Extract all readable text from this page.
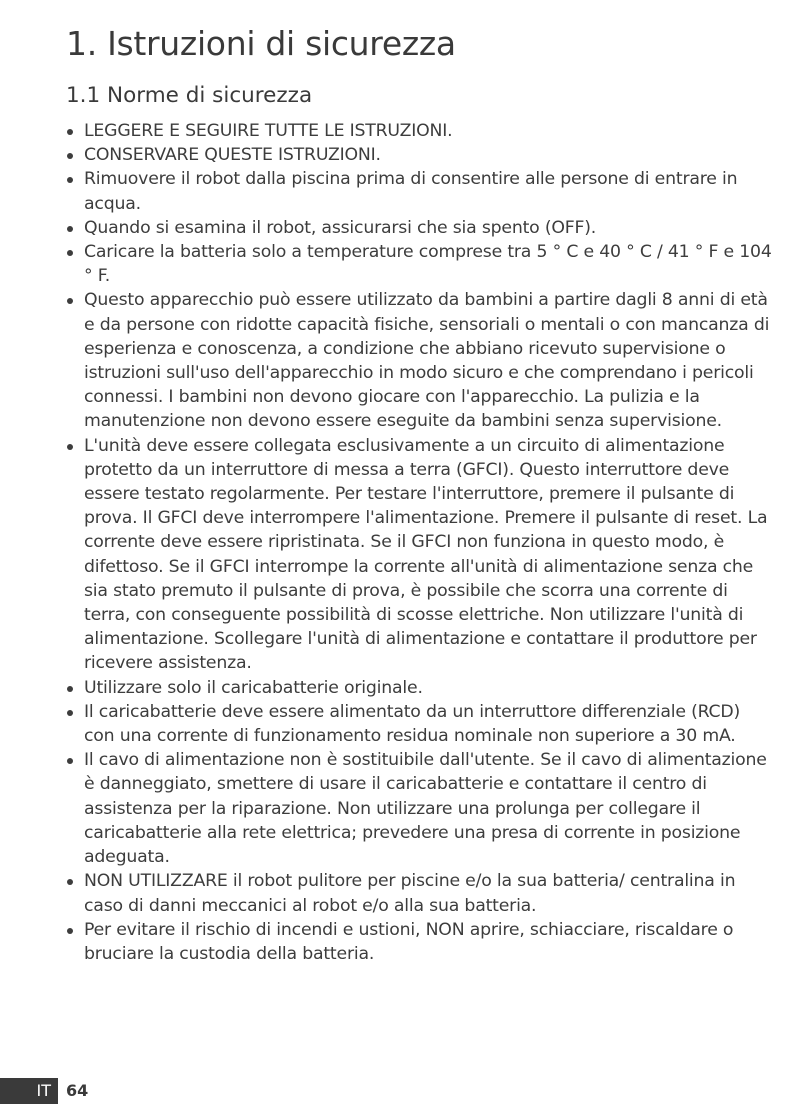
1. Istruzioni di sicurezza
1.1 Norme di sicurezza
LEGGERE E SEGUIRE TUTTE LE ISTRUZIONI.
CONSERVARE QUESTE ISTRUZIONI.
Rimuovere il robot dalla piscina prima di consentire alle persone di entrare in acqua.
Quando si esamina il robot, assicurarsi che sia spento (OFF).
Caricare la batteria solo a temperature comprese tra 5 ° C e 40 ° C / 41 ° F e 104 ° F.
Questo apparecchio può essere utilizzato da bambini a partire dagli 8 anni di età e da persone con ridotte capacità fisiche, sensoriali o mentali o con mancanza di esperienza e conoscenza, a condizione che abbiano ricevuto supervisione o istruzioni sull'uso dell'apparecchio in modo sicuro e che comprendano i pericoli connessi. I bambini non devono giocare con l'apparecchio. La pulizia e la manutenzione non devono essere eseguite da bambini senza supervisione.
L'unità deve essere collegata esclusivamente a un circuito di alimentazione protetto da un interruttore di messa a terra (GFCI). Questo interruttore deve essere testato regolarmente. Per testare l'interruttore, premere il pulsante di prova. Il GFCI deve interrompere l'alimentazione. Premere il pulsante di reset. La corrente deve essere ripristinata. Se il GFCI non funziona in questo modo, è difettoso. Se il GFCI interrompe la corrente all'unità di alimentazione senza che sia stato premuto il pulsante di prova, è possibile che scorra una corrente di terra, con conseguente possibilità di scosse elettriche. Non utilizzare l'unità di alimentazione. Scollegare l'unità di alimentazione e contattare il produttore per ricevere assistenza.
Utilizzare solo il caricabatterie originale.
Il caricabatterie deve essere alimentato da un interruttore differenziale (RCD) con una corrente di funzionamento residua nominale non superiore a 30 mA.
Il cavo di alimentazione non è sostituibile dall'utente. Se il cavo di alimentazione è danneggiato, smettere di usare il caricabatterie e contattare il centro di assistenza per la riparazione. Non utilizzare una prolunga per collegare il caricabatterie alla rete elettrica; prevedere una presa di corrente in posizione adeguata.
NON UTILIZZARE il robot pulitore per piscine e/o la sua batteria/ centralina in caso di danni meccanici al robot e/o alla sua batteria.
Per evitare il rischio di incendi e ustioni, NON aprire, schiacciare, riscaldare o bruciare la custodia della batteria.
IT 64
